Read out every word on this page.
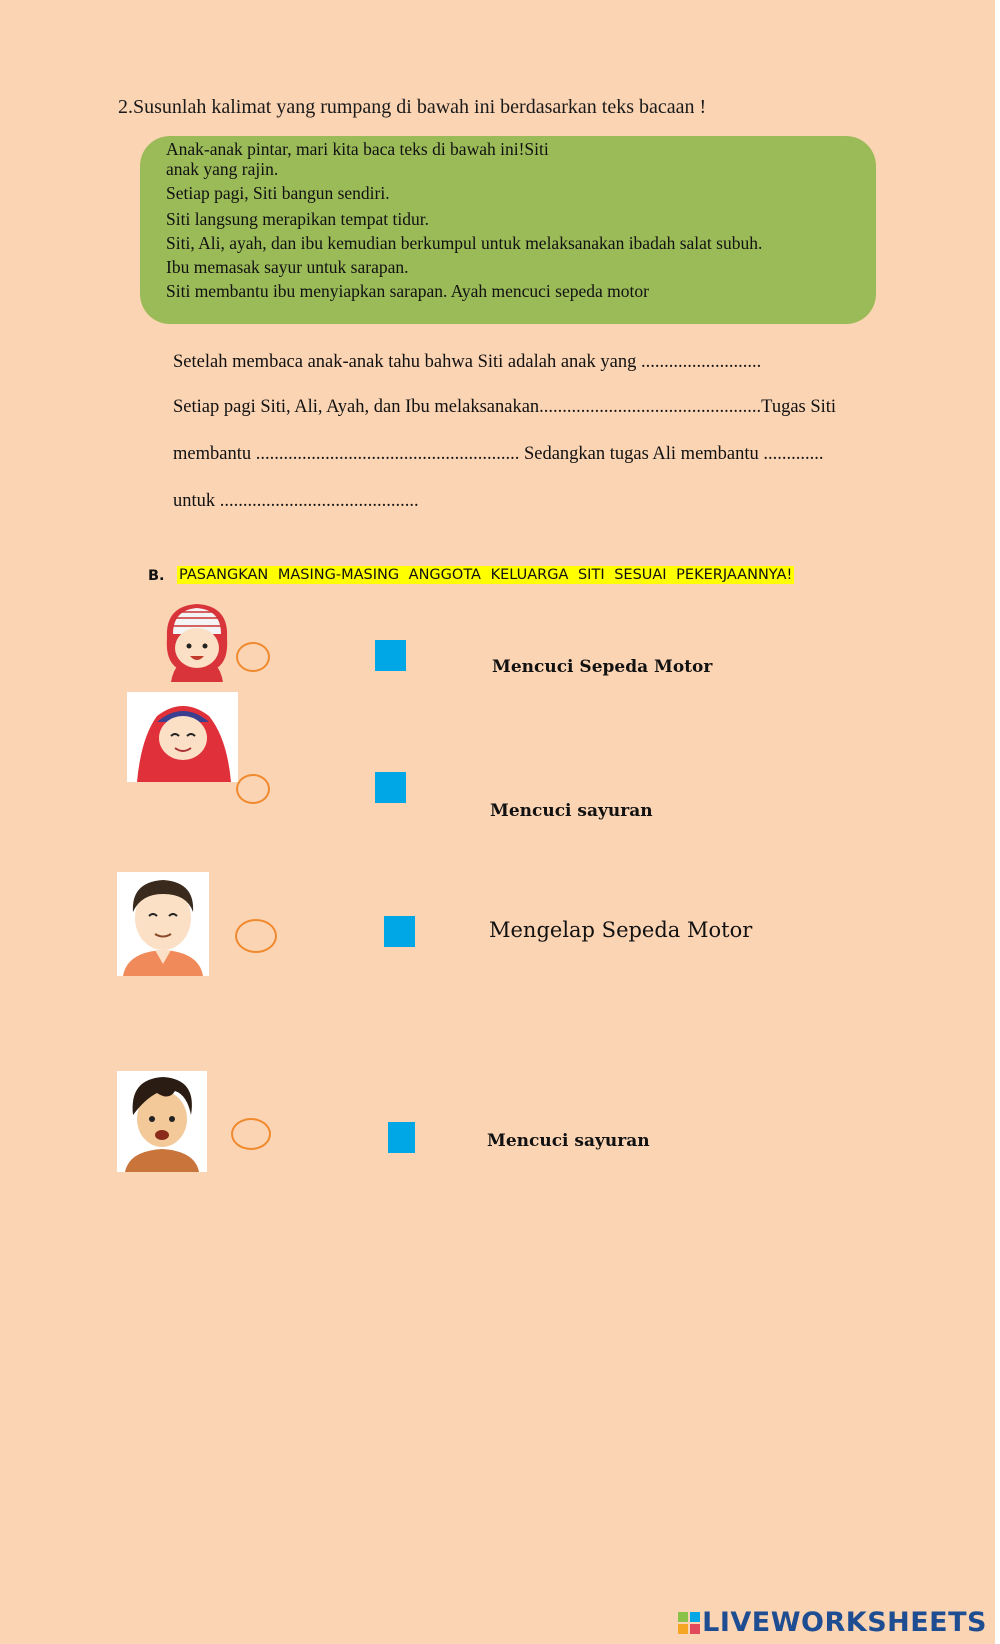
2.Susunlah kalimat yang rumpang di bawah ini berdasarkan teks bacaan !
Anak-anak pintar, mari kita baca teks di bawah ini!Siti
anak yang rajin.
Setiap pagi, Siti bangun sendiri.
Siti langsung merapikan tempat tidur.
Siti, Ali, ayah, dan ibu kemudian berkumpul untuk melaksanakan ibadah salat subuh.
Ibu memasak sayur untuk sarapan.
Siti membantu ibu menyiapkan sarapan. Ayah mencuci sepeda motor
Setelah membaca anak-anak tahu bahwa Siti adalah anak yang ..........................
Setiap pagi Siti, Ali, Ayah, dan Ibu melaksanakan................................................Tugas Siti
membantu ......................................................... Sedangkan tugas Ali membantu .............
untuk ...........................................
B. PASANGKAN MASING-MASING ANGGOTA KELUARGA SITI SESUAI PEKERJAANNYA!
Mencuci Sepeda Motor
Mencuci sayuran
Mengelap Sepeda Motor
Mencuci sayuran
LIVEWORKSHEETS
